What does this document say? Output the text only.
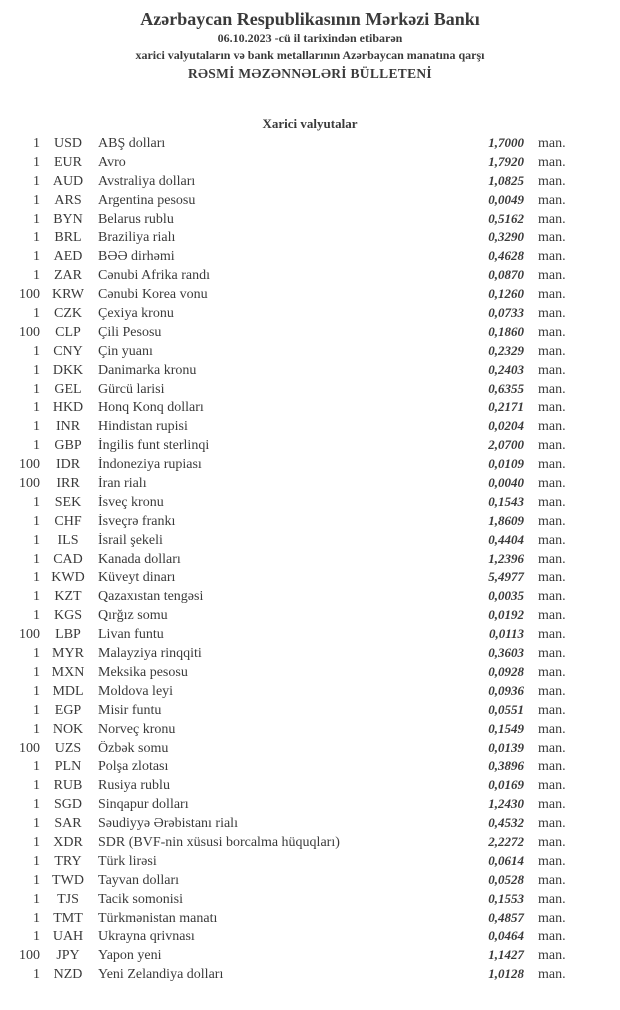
Azərbaycan Respublikasının Mərkəzi Bankı
06.10.2023 -cü il tarixindən etibarən
xarici valyutaların və bank metallarının Azərbaycan manatına qarşı
RƏSMİ MƏZƏNNƏLƏRİ BÜLLETENİ
Xarici valyutalar
1 USD	ABŞ dolları	1,7000	man.
1	EUR	Avro	1,7920	man.
1 AUD	Avstraliya dolları	1,0825	man.
1	ARS	Argentina pesosu	0,0049	man.
1 BYN	Belarus rublu	0,5162	man.
1	BRL	Braziliya rialı	0,3290	man.
1 AED	BƏƏ dirhəmi	0,4628	man.
1	ZAR	Cənubi Afrika randı	0,0870	man.
100 KRW	Cənubi Korea vonu	0,1260	man.
1	CZK	Çexiya kronu	0,0733	man.
100	CLP	Çili Pesosu	0,1860	man.
1 CNY	Çin yuanı	0,2329	man.
1 DKK	Danimarka kronu	0,2403	man.
1	GEL	Gürcü larisi	0,6355	man.
1 HKD	Honq Konq dolları	0,2171	man.
1	INR	Hindistan rupisi	0,0204	man.
1	GBP	İngilis funt sterlinqi	2,0700	man.
100	IDR	İndoneziya rupiası	0,0109	man.
100	IRR	İran rialı	0,0040	man.
1	SEK	İsveç kronu	0,1543	man.
1	CHF	İsveçrə frankı	1,8609	man.
1	ILS	İsrail şekeli	0,4404	man.
1 CAD	Kanada dolları	1,2396	man.
1 KWD Küveyt dinarı	5,4977	man.
1	KZT	Qazaxıstan tengəsi	0,0035	man.
1 KGS	Qırğız somu	0,0192	man.
100	LBP	Livan funtu	0,0113	man.
1 MYR	Malayziya rinqqiti	0,3603	man.
1 MXN Meksika pesosu	0,0928	man.
1 MDL	Moldova leyi	0,0936	man.
1	EGP	Misir funtu	0,0551	man.
1 NOK	Norveç kronu	0,1549	man.
100	UZS	Özbək somu	0,0139	man.
1	PLN	Polşa zlotası	0,3896	man.
1 RUB	Rusiya rublu	0,0169	man.
1 SGD	Sinqapur dolları	1,2430	man.
1	SAR	Səudiyyə Ərəbistanı rialı	0,4532	man.
1 XDR	SDR (BVF-nin xüsusi borcalma hüquqları)	2,2272	man.
1	TRY	Türk lirəsi	0,0614	man.
1 TWD	Tayvan dolları	0,0528	man.
1	TJS	Tacik somonisi	0,1553	man.
1 TMT	Türkmənistan manatı	0,4857	man.
1 UAH	Ukrayna qrivnası	0,0464	man.
100	JPY	Yapon yeni	1,1427	man.
1 NZD	Yeni Zelandiya dolları	1,0128	man.
